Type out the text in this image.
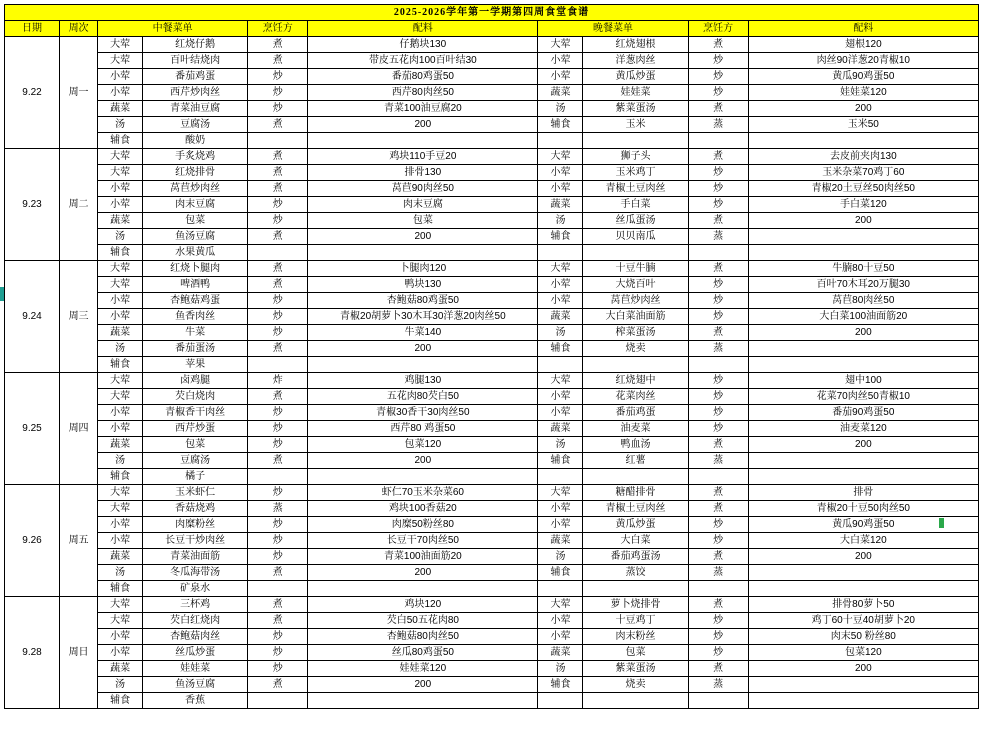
2025-2026学年第一学期第四周食堂食谱									
日期	周次	中餐菜单		烹饪方	配料	晚餐菜单		烹饪方	配料
9.22	周一	大荤	红烧仔鹅	煮	仔鹅块130	大荤	红烧翅根	煮	翅根120
		大荤	百叶结烧肉	煮	带皮五花肉100百叶结30	小荤	洋葱肉丝	炒	肉丝90洋葱20青椒10
		小荤	番茄鸡蛋	炒	番茄80鸡蛋50	小荤	黄瓜炒蛋	炒	黄瓜90鸡蛋50
		小荤	西芹炒肉丝	炒	西芹80肉丝50	蔬菜	娃娃菜	炒	娃娃菜120
		蔬菜	青菜油豆腐	炒	青菜100油豆腐20	汤	紫菜蛋汤	煮	200
		汤	豆腐汤	煮	200	辅食	玉米	蒸	玉米50
		辅食	酸奶						
9.23	周二	大荤	手炙烧鸡	煮	鸡块110手豆20	大荤	狮子头	煮	去皮前夹肉130
		大荤	红烧排骨	煮	排骨130	小荤	玉米鸡丁	炒	玉米杂菜70鸡丁60
		小荤	莴苣炒肉丝	煮	莴苣90肉丝50	小荤	青椒土豆肉丝	炒	青椒20土豆丝50肉丝50
		小荤	肉末豆腐	炒	肉末豆腐	蔬菜	手白菜	炒	手白菜120
		蔬菜	包菜	炒	包菜	汤	丝瓜蛋汤	煮	200
		汤	鱼汤豆腐	煮	200	辅食	贝贝南瓜	蒸	
		辅食	水果黄瓜						
9.24	周三	大荤	红烧卜腿肉	煮	卜腿肉120	大荤	十豆牛腩	煮	牛腩80十豆50
		大荤	啤酒鸭	煮	鸭块130	小荤	大烧百叶	炒	百叶70木耳20万腿30
		小荤	杏鲍菇鸡蛋	炒	杏鲍菇80鸡蛋50	小荤	莴苣炒肉丝	炒	莴苣80肉丝50
		小荤	鱼香肉丝	炒	青椒20胡萝卜30木耳30洋葱20肉丝50	蔬菜	大白菜油面筋	炒	大白菜100油面筋20
		蔬菜	牛菜	炒	牛菜140	汤	榨菜蛋汤	煮	200
		汤	番茄蛋汤	煮	200	辅食	烧卖	蒸	
		辅食	苹果						
9.25	周四	大荤	卤鸡腿	炸	鸡腿130	大荤	红烧翅中	炒	翅中100
		大荤	芡白烧肉	煮	五花肉80芡白50	小荤	花菜肉丝	炒	花菜70肉丝50青椒10
		小荤	青椒香干肉丝	炒	青椒30香干30肉丝50	小荤	番茄鸡蛋	炒	番茄90鸡蛋50
		小荤	西芹炒蛋	炒	西芹80 鸡蛋50	蔬菜	油麦菜	炒	油麦菜120
		蔬菜	包菜	炒	包菜120	汤	鸭血汤	煮	200
		汤	豆腐汤	煮	200	辅食	红薯	蒸	
		辅食	橘子						
9.26	周五	大荤	玉米虾仁	炒	虾仁70玉米杂菜60	大荤	糖醋排骨	煮	排骨
		大荤	香菇烧鸡	蒸	鸡块100香菇20	小荤	青椒土豆肉丝	煮	青椒20十豆50肉丝50
		小荤	肉糜粉丝	炒	肉糜50粉丝80	小荤	黄瓜炒蛋	炒	黄瓜90鸡蛋50
		小荤	长豆干炒肉丝	炒	长豆干70肉丝50	蔬菜	大白菜	炒	大白菜120
		蔬菜	青菜油面筋	炒	青菜100油面筋20	汤	番茄鸡蛋汤	煮	200
		汤	冬瓜海带汤	煮	200	辅食	蒸饺	蒸	
		辅食	矿泉水						
9.28	周日	大荤	三杯鸡	煮	鸡块120	大荤	萝卜烧排骨	煮	排骨80萝卜50
		大荤	芡白红烧肉	煮	芡白50五花肉80	小荤	十豆鸡丁	炒	鸡丁60十豆40胡萝卜20
		小荤	杏鲍菇肉丝	炒	杏鲍菇80肉丝50	小荤	肉末粉丝	炒	肉末50 粉丝80
		小荤	丝瓜炒蛋	炒	丝瓜80鸡蛋50	蔬菜	包菜	炒	包菜120
		蔬菜	娃娃菜	炒	娃娃菜120	汤	紫菜蛋汤	煮	200
		汤	鱼汤豆腐	煮	200	辅食	烧卖	蒸	
		辅食	香蕉						
